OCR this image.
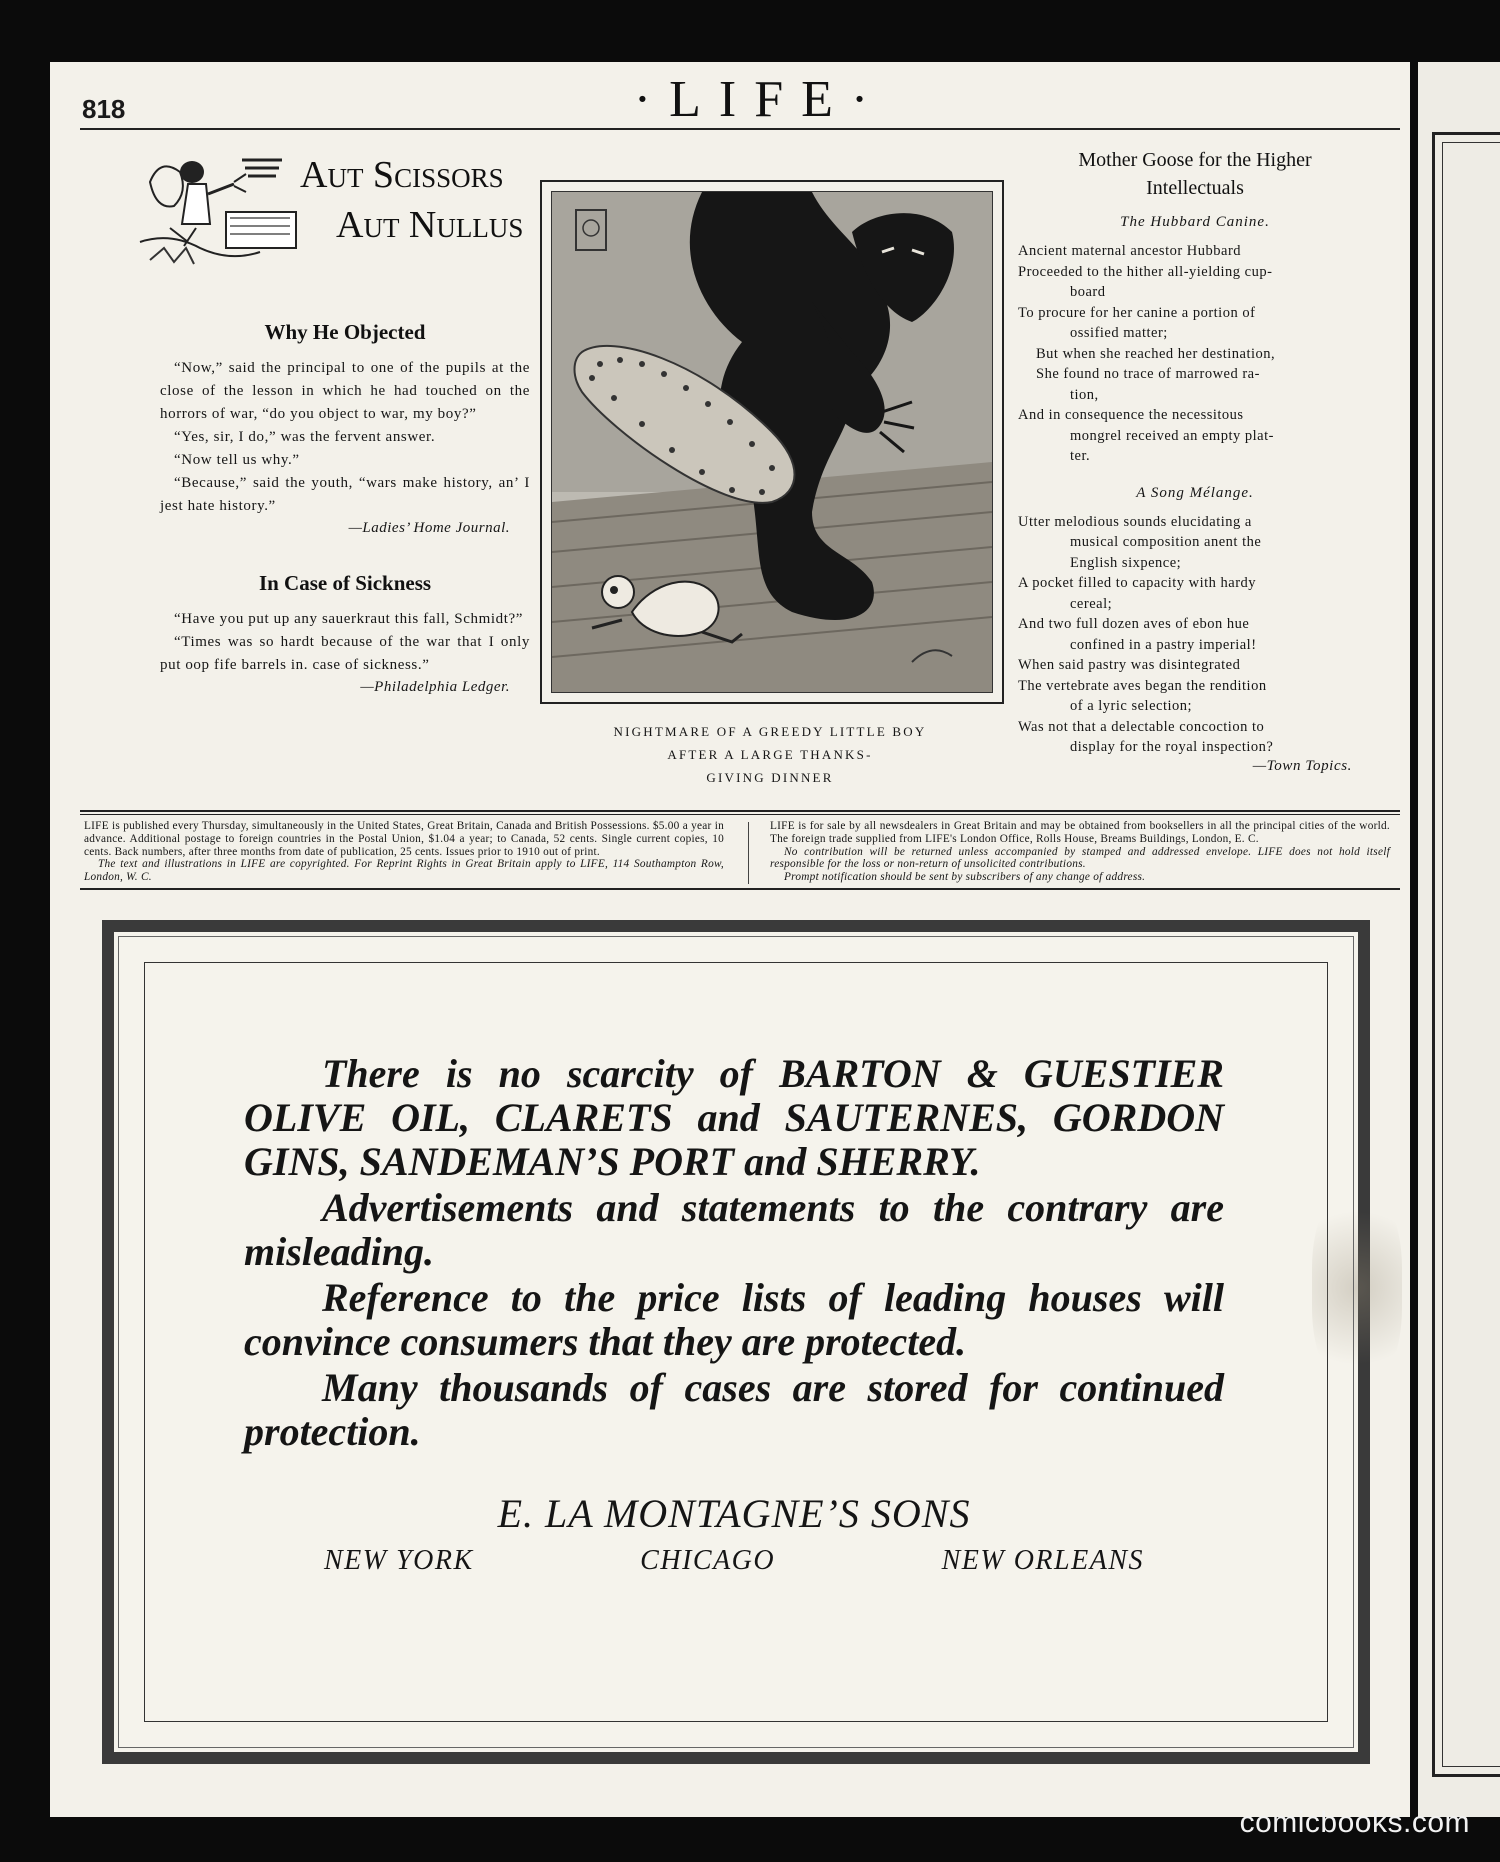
818	·LIFE·
Aut Scissors
Aut Nullus
Why He Objected

“Now,” said the principal to one of the pupils at the close of the lesson in which he had touched on the horrors of war, “do you object to war, my boy?”

“Yes, sir, I do,” was the fervent answer.

“Now tell us why.”

“Because,” said the youth, “wars make history, an’ I jest hate history.”

—Ladies’ Home Journal.

In Case of Sickness

“Have you put up any sauerkraut this fall, Schmidt?”

“Times was so hardt because of the war that I only put oop fife barrels in. case of sickness.”

—Philadelphia Ledger.

NIGHTMARE OF A GREEDY LITTLE BOY
AFTER A LARGE THANKS-
GIVING DINNER

Mother Goose for the Higher
Intellectuals

The Hubbard Canine.

Ancient maternal ancestor Hubbard
Proceeded to the hither all-yielding cup-
board
To procure for her canine a portion of
ossified matter;
But when she reached her destination,
She found no trace of marrowed ra-
tion,
And in consequence the necessitous
mongrel received an empty plat-
ter.

A Song Mélange.

Utter melodious sounds elucidating a
musical composition anent the
English sixpence;
A pocket filled to capacity with hardy
cereal;
And two full dozen aves of ebon hue
confined in a pastry imperial!
When said pastry was disintegrated
The vertebrate aves began the rendition
of a lyric selection;
Was not that a delectable concoction to
display for the royal inspection?

—Town Topics.

LIFE is published every Thursday, simultaneously in the United States, Great Britain, Canada and British Possessions. $5.00 a year in advance. Additional postage to foreign countries in the Postal Union, $1.04 a year; to Canada, 52 cents. Single current copies, 10 cents. Back numbers, after three months from date of publication, 25 cents. Issues prior to 1910 out of print.
The text and illustrations in LIFE are copyrighted. For Reprint Rights in Great Britain apply to LIFE, 114 Southampton Row, London, W. C.
LIFE is for sale by all newsdealers in Great Britain and may be obtained from booksellers in all the principal cities of the world. The foreign trade supplied from LIFE's London Office, Rolls House, Breams Buildings, London, E. C.
No contribution will be returned unless accompanied by stamped and addressed envelope. LIFE does not hold itself responsible for the loss or non-return of unsolicited contributions.
Prompt notification should be sent by subscribers of any change of address.

There is no scarcity of BARTON & GUESTIER OLIVE OIL, CLARETS and SAUTERNES, GORDON GINS, SANDEMAN’S PORT and SHERRY.

Advertisements and statements to the contrary are misleading.

Reference to the price lists of leading houses will convince consumers that they are protected.

Many thousands of cases are stored for continued protection.

E. LA MONTAGNE’S SONS

NEW YORK	CHICAGO	NEW ORLEANS
comicbooks.com
